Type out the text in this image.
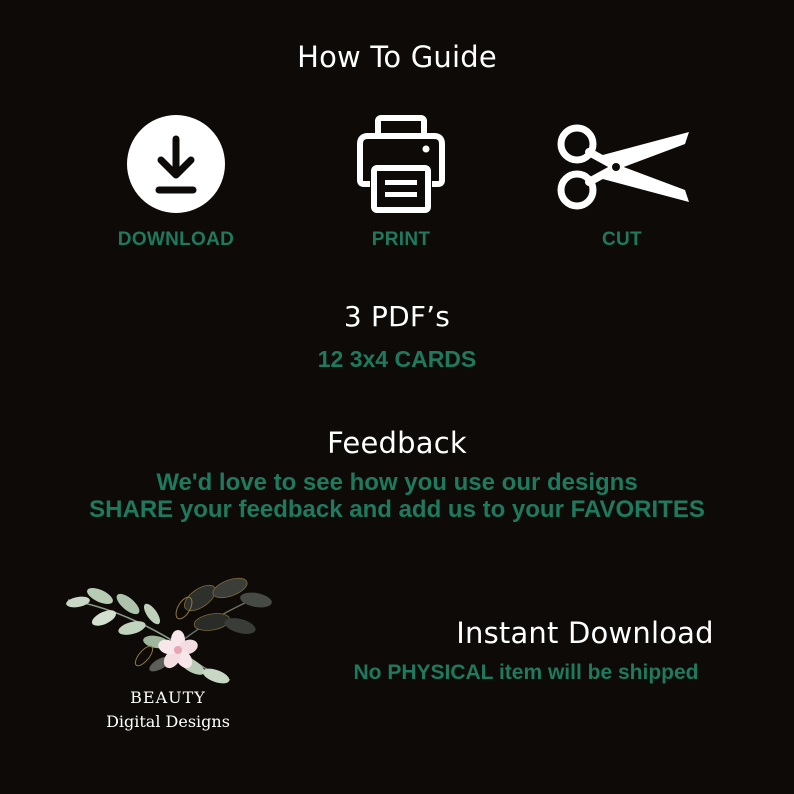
How To Guide
DOWNLOAD	PRINT	CUT
3 PDF’s
12 3x4 CARDS
Feedback
We'd love to see how you use our designs
SHARE your feedback and add us to your FAVORITES
BEAUTY
Digital Designs
Instant Download
No PHYSICAL item will be shipped
